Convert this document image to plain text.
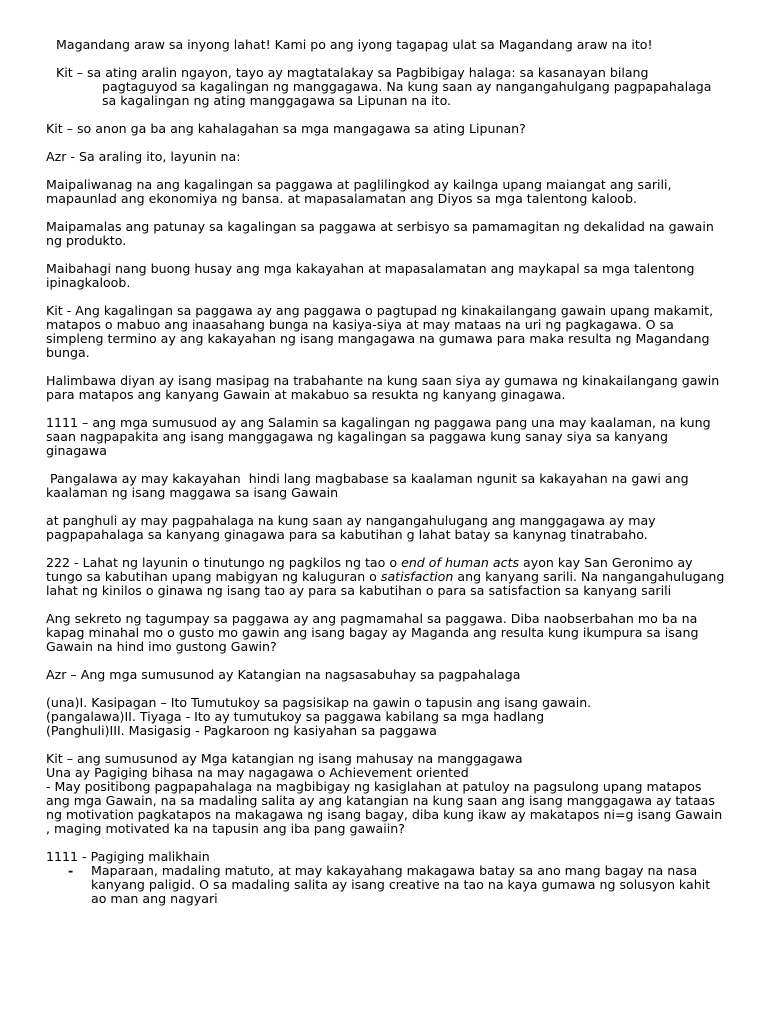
Magandang araw sa inyong lahat! Kami po ang iyong tagapag ulat sa Magandang araw na ito!

Kit – sa ating aralin ngayon, tayo ay magtatalakay sa Pagbibigay halaga: sa kasanayan bilang pagtaguyod sa kagalingan ng manggagawa. Na kung saan ay nangangahulgang pagpapahalaga sa kagalingan ng ating manggagawa sa Lipunan na ito.

Kit – so anon ga ba ang kahalagahan sa mga mangagawa sa ating Lipunan?

Azr - Sa araling ito, layunin na:

Maipaliwanag na ang kagalingan sa paggawa at paglilingkod ay kailnga upang maiangat ang sarili, mapaunlad ang ekonomiya ng bansa. at mapasalamatan ang Diyos sa mga talentong kaloob.

Maipamalas ang patunay sa kagalingan sa paggawa at serbisyo sa pamamagitan ng dekalidad na gawain ng produkto.

Maibahagi nang buong husay ang mga kakayahan at mapasalamatan ang maykapal sa mga talentong ipinagkaloob.

Kit - Ang kagalingan sa paggawa ay ang paggawa o pagtupad ng kinakailangang gawain upang makamit, matapos o mabuo ang inaasahang bunga na kasiya-siya at may mataas na uri ng pagkagawa. O sa simpleng termino ay ang kakayahan ng isang mangagawa na gumawa para maka resulta ng Magandang bunga.

Halimbawa diyan ay isang masipag na trabahante na kung saan siya ay gumawa ng kinakailangang gawin para matapos ang kanyang Gawain at makabuo sa resukta ng kanyang ginagawa.

1111 – ang mga sumusuod ay ang Salamin sa kagalingan ng paggawa pang una may kaalaman, na kung saan nagpapakita ang isang manggagawa ng kagalingan sa paggawa kung sanay siya sa kanyang ginagawa

Pangalawa ay may kakayahan  hindi lang magbabase sa kaalaman ngunit sa kakayahan na gawi ang kaalaman ng isang maggawa sa isang Gawain

at panghuli ay may pagpahalaga na kung saan ay nangangahulugang ang manggagawa ay may pagpapahalaga sa kanyang ginagawa para sa kabutihan g lahat batay sa kanynag tinatrabaho.

222 - Lahat ng layunin o tinutungo ng pagkilos ng tao o end of human acts ayon kay San Geronimo ay tungo sa kabutihan upang mabigyan ng kaluguran o satisfaction ang kanyang sarili. Na nangangahulugang lahat ng kinilos o ginawa ng isang tao ay para sa kabutihan o para sa satisfaction sa kanyang sarili

Ang sekreto ng tagumpay sa paggawa ay ang pagmamahal sa paggawa. Diba naobserbahan mo ba na kapag minahal mo o gusto mo gawin ang isang bagay ay Maganda ang resulta kung ikumpura sa isang Gawain na hind imo gustong Gawin?

Azr – Ang mga sumusunod ay Katangian na nagsasabuhay sa pagpahalaga

(una)I. Kasipagan – Ito Tumutukoy sa pagsisikap na gawin o tapusin ang isang gawain.

(pangalawa)II. Tiyaga - Ito ay tumutukoy sa paggawa kabilang sa mga hadlang

(Panghuli)III. Masigasig - Pagkaroon ng kasiyahan sa paggawa

Kit – ang sumusunod ay Mga katangian ng isang mahusay na manggagawa

Una ay Pagiging bihasa na may nagagawa o Achievement oriented

- May positibong pagpapahalaga na magbibigay ng kasiglahan at patuloy na pagsulong upang matapos ang mga Gawain, na sa madaling salita ay ang katangian na kung saan ang isang manggagawa ay tataas ng motivation pagkatapos na makagawa ng isang bagay, diba kung ikaw ay makatapos ni=g isang Gawain , maging motivated ka na tapusin ang iba pang gawaiin?

1111 - Pagiging malikhain

- Maparaan, madaling matuto, at may kakayahang makagawa batay sa ano mang bagay na nasa kanyang paligid. O sa madaling salita ay isang creative na tao na kaya gumawa ng solusyon kahit ao man ang nagyari
